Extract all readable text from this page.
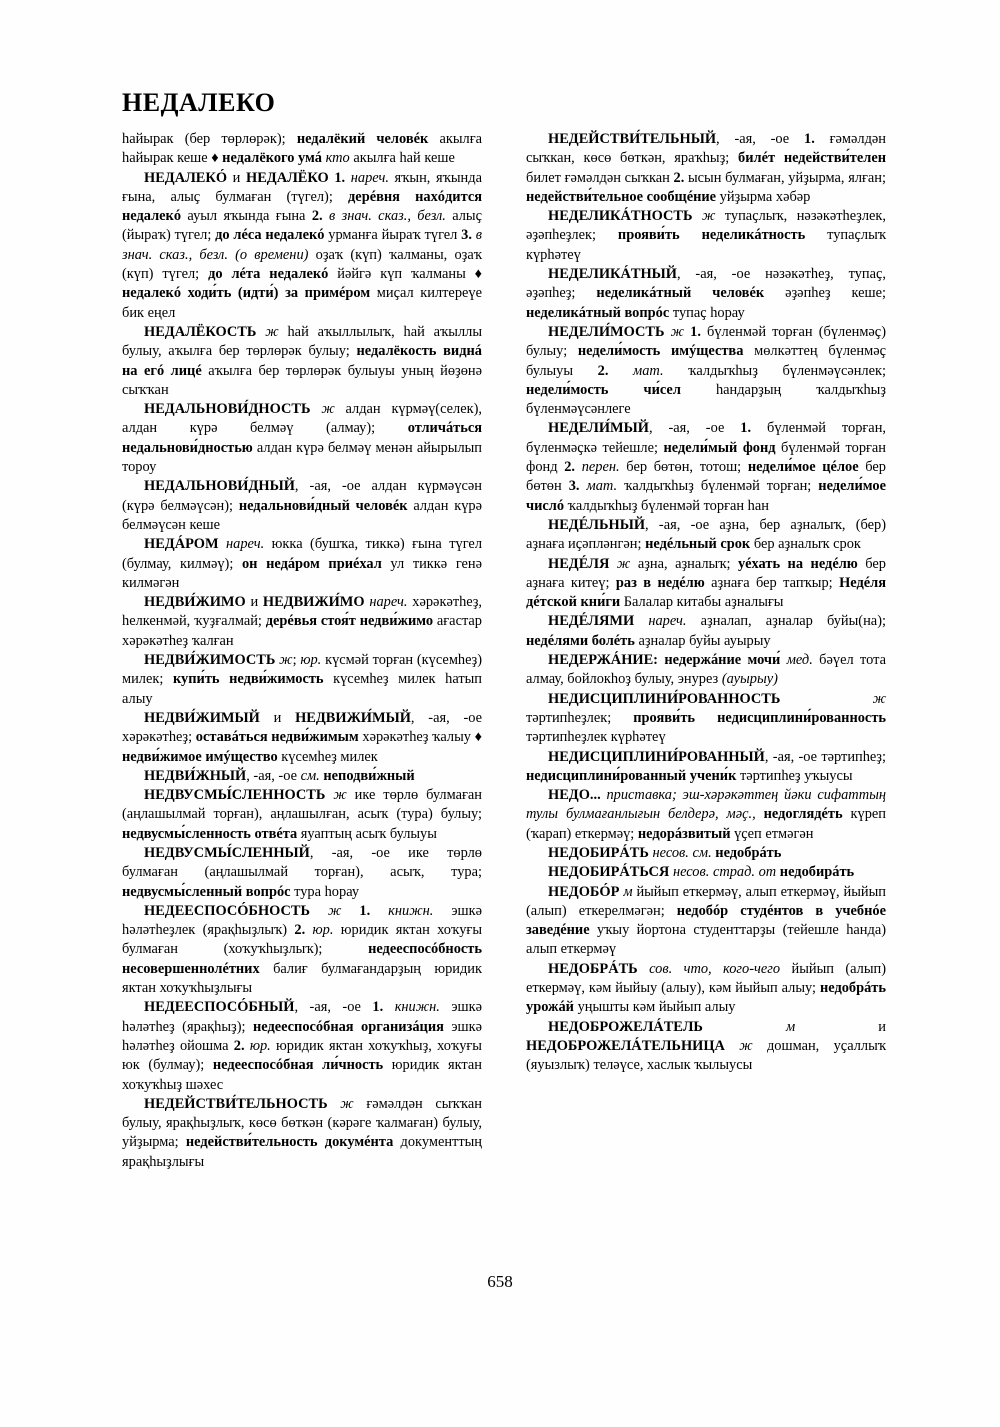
НЕДАЛЕКО

һайырак (бер төрлөрәк); недалёкий человéк акылға һайырак кеше ♦ недалёкого умá кто акылға һай кеше

НЕДАЛЕКÓ и НЕДАЛЁКО 1. нареч. яҡын, яҡында ғына, алыҫ булмаған (түгел); дерéвня нахóдится недалекó ауыл яҡында ғына 2. в знач. сказ., безл. алыҫ (йыраҡ) түгел; до лéса недалекó урманға йыраҡ түгел 3. в знач. сказ., безл. (о времени) оҙаҡ (күп) ҡалманы, оҙаҡ (күп) түгел; до лéта недалекó йәйгә күп ҡалманы ♦ недалекó ходи́ть (идти́) за примéром миҫал килтереүе бик еңел

НЕДАЛЁКОСТЬ ж һай аҡыллылыҡ, һай аҡыллы булыу, аҡылға бер төрлөрәк булыу; недалёкость виднá на егó лицé аҡылға бер төрлөрәк булыуы уның йөҙөнә сыҡҡан

НЕДАЛЬНОВИ́ДНОСТЬ ж алдан күрмәү(селек), алдан күрә белмәү (алмау); отличáться недальнови́дностью алдан күрә белмәү менән айырылып тороу

НЕДАЛЬНОВИ́ДНЫЙ, -ая, -ое алдан күрмәүсән (күрә белмәүсән); недальнови́дный человéк алдан күрә белмәүсән кеше

НЕДÁРОМ нареч. юкка (бушҡа, тиккә) ғына түгел (булмау, килмәү); он недáром приéхал ул тиккә генә килмәгән

НЕДВИ́ЖИМО и НЕДВИЖИ́МО нареч. хәрәкәтһеҙ, һелкенмәй, ҡуҙғалмай; дерéвья стоя́т недви́жимо ағастар хәрәкәтһеҙ ҡалған

НЕДВИ́ЖИМОСТЬ ж; юр. күсмәй торған (күсемһеҙ) милек; купи́ть недви́жимость күсемһеҙ милек һатып алыу

НЕДВИ́ЖИМЫЙ и НЕДВИЖИ́МЫЙ, -ая, -ое хәрәкәтһеҙ; оставáться недви́жимым хәрәкәтһеҙ ҡалыу ♦ недви́жимое имýщество күсемһеҙ милек

НЕДВИ́ЖНЫЙ, -ая, -ое см. неподви́жный

НЕДВУСМЫ́СЛЕННОСТЬ ж ике төрлө булмаған (аңлашылмай торған), аңлашылған, асыҡ (тура) булыу; недвусмы́сленность отвéта яуаптың асыҡ булыуы

НЕДВУСМЫ́СЛЕННЫЙ, -ая, -ое ике төрлө булмаған (аңлашылмай торған), асыҡ, тура; недвусмы́сленный вопрóс тура һорау

НЕДЕЕСПОСÓБНОСТЬ ж 1. книжн. эшкә һәләтһеҙлек (ярақһыҙлыҡ) 2. юр. юридик яктан хоҡуғы булмаған (хоҡуҡһыҙлыҡ); недееспосóбность несовершеннолéтних балиғ булмағандарҙың юридик яктан хоҡуҡһыҙлығы

НЕДЕЕСПОСÓБНЫЙ, -ая, -ое 1. книжн. эшкә һәләтһеҙ (ярақһыҙ); недееспосóбная организáция эшкә һәләтһеҙ ойошма 2. юр. юридик яктан хоҡуҡһыҙ, хоҡуғы юк (булмау); недееспосóбная ли́чность юридик яктан хоҡуҡһыҙ шәхес

НЕДЕЙСТВИ́ТЕЛЬНОСТЬ ж ғәмәлдән сыҡҡан булыу, ярақһыҙлыҡ, көсө бөткән (кәрәге ҡалмаған) булыу, уйҙырма; недействи́тельность докумéнта документтың ярақһыҙлығы

НЕДЕЙСТВИ́ТЕЛЬНЫЙ, -ая, -ое 1. ғәмәлдән сыҡкан, көсө бөткән, яраҡһыҙ; билéт недействи́телен билет ғәмәлдән сыҡкан 2. ысын булмаған, уйҙырма, ялған; недействи́тельное сообщéние уйҙырма хәбәр

НЕДЕЛИКÁТНОСТЬ ж тупаҫлыҡ, нәзәкәтһеҙлек, әҙәпһеҙлек; прояви́ть неделикáтность тупаҫлыҡ күрһәтеү

НЕДЕЛИКÁТНЫЙ, -ая, -ое нәзәкәтһеҙ, тупаҫ, әҙәпһеҙ; неделикáтный человéк әҙәпһеҙ кеше; неделикáтный вопрóс тупаҫ һорау

НЕДЕЛИ́МОСТЬ ж 1. бүленмәй торған (бүленмәҫ) булыу; недели́мость имýщества мөлкәттең бүленмәҫ булыуы 2. мат. ҡалдыҡһыҙ бүленмәүсәнлек; недели́мость чи́сел һандарҙың ҡалдыҡһыҙ бүленмәүсәнлеге

НЕДЕЛИ́МЫЙ, -ая, -ое 1. бүленмәй торған, бүленмәҫкә тейешле; недели́мый фонд бүленмәй торған фонд 2. перен. бер бөтөн, тотош; недели́мое цéлое бер бөтөн 3. мат. ҡалдыҡһыҙ бүленмәй торған; недели́мое числó ҡалдыҡһыҙ бүленмәй торған һан

НЕДÉЛЬНЫЙ, -ая, -ое аҙна, бер аҙналыҡ, (бер) аҙнаға иҫәпләнгән; недéльный срок бер аҙналыҡ срок

НЕДÉЛЯ ж аҙна, аҙналыҡ; уéхать на недéлю бер аҙнаға китеү; раз в недéлю аҙнаға бер тапҡыр; Недéля дéтской кни́ги Балалар китабы аҙналығы

НЕДÉЛЯМИ нареч. аҙналап, аҙналар буйы(на); недéлями болéть аҙналар буйы ауырыу

НЕДЕРЖÁНИЕ: недержáние мочи́ мед. бәүел тота алмау, бойлокһоҙ булыу, энурез (ауырыу)

НЕДИСЦИПЛИНИ́РОВАННОСТЬ	ж тәртипһеҙлек; прояви́ть недисциплини́рованность тәртипһеҙлек күрһәтеү

НЕДИСЦИПЛИНИ́РОВАННЫЙ, -ая, -ое тәртипһеҙ; недисциплини́рованный учени́к тәртипһеҙ уҡыусы

НЕДО... приставка; эш-хәрәкәттең йәки сифаттың тулы булмағанлығын белдерә, мәҫ., недоглядéть күреп (ҡарап) еткермәү; недорáзвитый үҫеп етмәгән

НЕДОБИРÁТЬ несов. см. недобрáть

НЕДОБИРÁТЬСЯ несов. страд. от недобирáть

НЕДОБÓР м йыйып еткермәү, алып еткермәү, йыйып (алып) еткерелмәгән; недобóр студéнтов в учебнóе заведéние уҡыу йортона студенттарҙы (тейешле һанда) алып еткермәү

НЕДОБРÁТЬ сов. что, кого-чего йыйып (алып) еткермәү, кәм йыйыу (алыу), кәм йыйып алыу; недобрáть урожáй уңышты кәм йыйып алыу

НЕДОБРОЖЕЛÁТЕЛЬ	м и НЕДОБРОЖЕЛÁТЕЛЬНИЦА ж дошман, уҫаллыҡ (яуызлыҡ) теләүсе, хаслык ҡылыусы

658
